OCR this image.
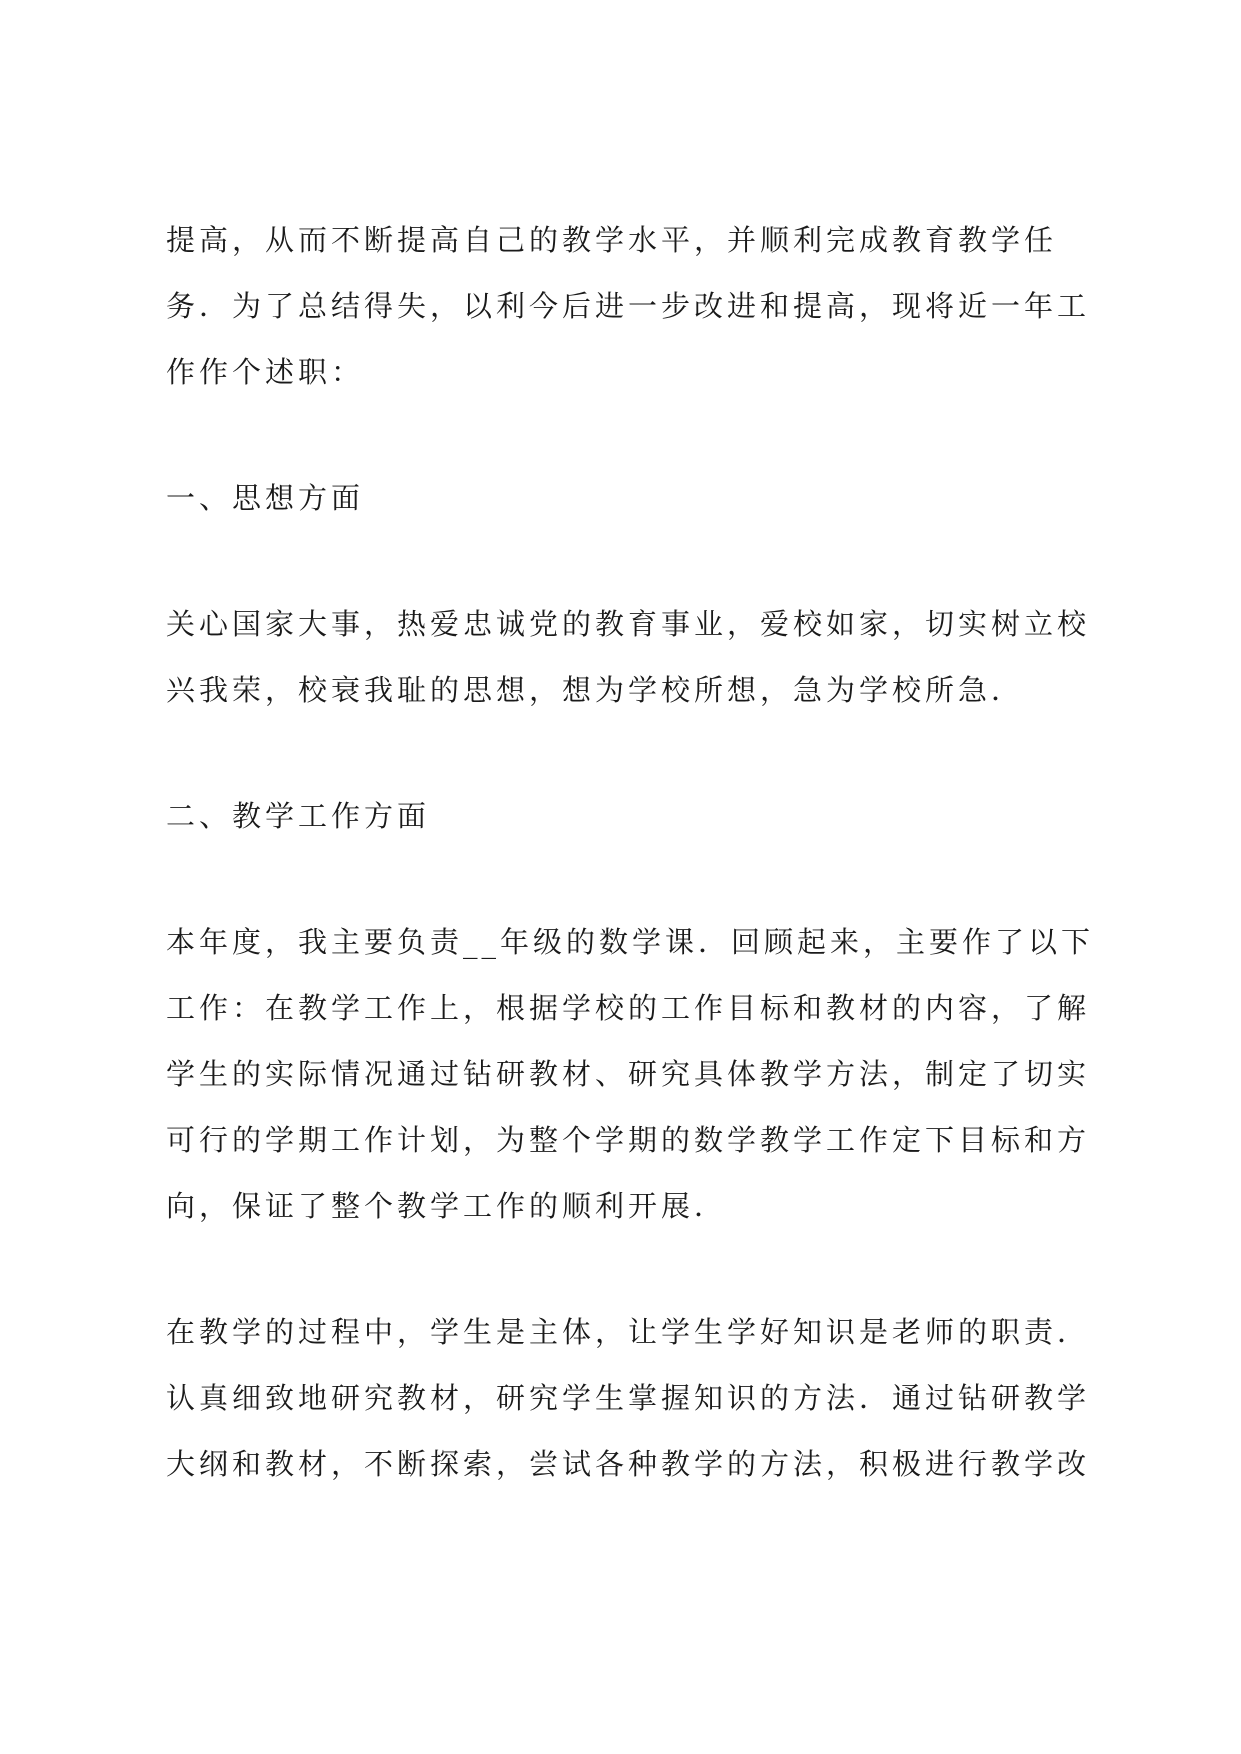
提高，从而不断提高自己的教学水平，并顺利完成教育教学任

务．为了总结得失，以利今后进一步改进和提高，现将近一年工

作作个述职：

一、思想方面

关心国家大事，热爱忠诚党的教育事业，爱校如家，切实树立校

兴我荣，校衰我耻的思想，想为学校所想，急为学校所急．

二、教学工作方面

本年度，我主要负责__年级的数学课．回顾起来，主要作了以下

工作：在教学工作上，根据学校的工作目标和教材的内容，了解

学生的实际情况通过钻研教材、研究具体教学方法，制定了切实

可行的学期工作计划，为整个学期的数学教学工作定下目标和方

向，保证了整个教学工作的顺利开展．

在教学的过程中，学生是主体，让学生学好知识是老师的职责．

认真细致地研究教材，研究学生掌握知识的方法．通过钻研教学

大纲和教材，不断探索，尝试各种教学的方法，积极进行教学改
